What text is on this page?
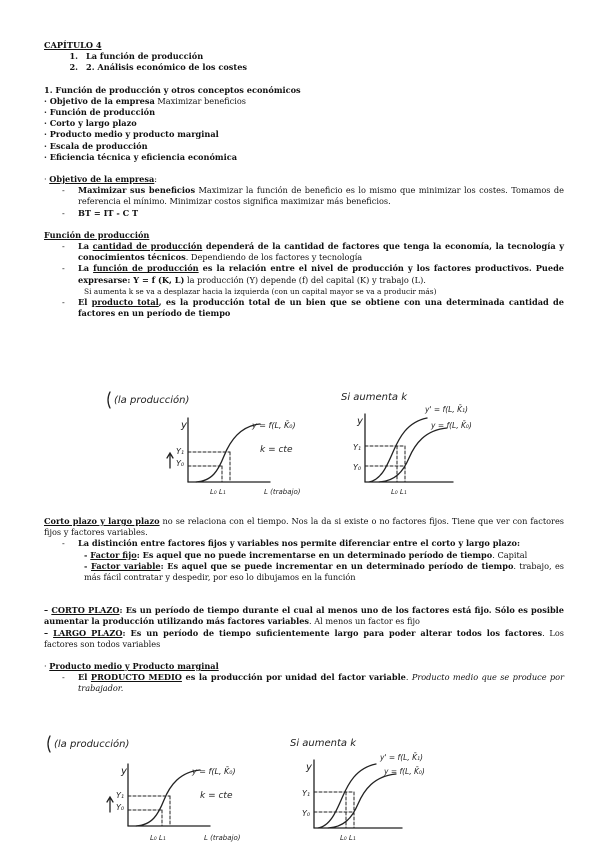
CAPÍTULO 4

1. La función de producción
2. 2. Análisis económico de los costes

1. Función de producción y otros conceptos económicos

· Objetivo de la empresa Maximizar beneficios

· Función de producción

· Corto y largo plazo

· Producto medio y producto marginal

· Escala de producción

· Eficiencia técnica y eficiencia económica

· Objetivo de la empresa:

-	Maximizar sus beneficios Maximizar la función de beneficio es lo mismo que minimizar los costes. Tomamos de referencia el mínimo. Minimizar costos significa maximizar más beneficios.
-	BT = IT - C T

Función de producción

-	La cantidad de producción dependerá de la cantidad de factores que tenga la economía, la tecnología y conocimientos técnicos. Dependiendo de los factores y tecnología
-	La función de producción es la relación entre el nivel de producción y los factores productivos. Puede expresarse: Y = f (K, L) la producción (Y) depende (f) del capital (K) y trabajo (L).
Si aumenta k se va a desplazar hacia la izquierda (con un capital mayor se va a producir más)
-	El producto total, es la producción total de un bien que se obtiene con una determinada cantidad de factores en un período de tiempo
(la producción)
y
Y₁
Y₀
y = f(L, K̄₀)
k = cte
L₀ L₁	L (trabajo)
Si aumenta k
y
Y₁
Y₀
y' = f(L, K̄₁)
y = f(L, K̄₀)
L₀ L₁

Corto plazo y largo plazo no se relaciona con el tiempo. Nos la da si existe o no factores fijos. Tiene que ver con factores fijos y factores variables.

-	La distinción entre factores fijos y variables nos permite diferenciar entre el corto y largo plazo:
- Factor fijo: Es aquel que no puede incrementarse en un determinado período de tiempo. Capital
- Factor variable: Es aquel que se puede incrementar en un determinado período de tiempo. trabajo, es más fácil contratar y despedir, por eso lo dibujamos en la función

– CORTO PLAZO: Es un período de tiempo durante el cual al menos uno de los factores está fijo. Sólo es posible aumentar la producción utilizando más factores variables. Al menos un factor es fijo

– LARGO PLAZO: Es un período de tiempo suficientemente largo para poder alterar todos los factores. Los factores son todos variables

· Producto medio y Producto marginal

-	El PRODUCTO MEDIO es la producción por unidad del factor variable. Producto medio que se produce por trabajador.
(la producción)
y
Y₁
Y₀
y = f(L, K̄₀)
k = cte
L₀ L₁	L (trabajo)
Si aumenta k
y
Y₁
Y₀
y' = f(L, K̄₁)
y = f(L, K̄₀)
L₀ L₁
